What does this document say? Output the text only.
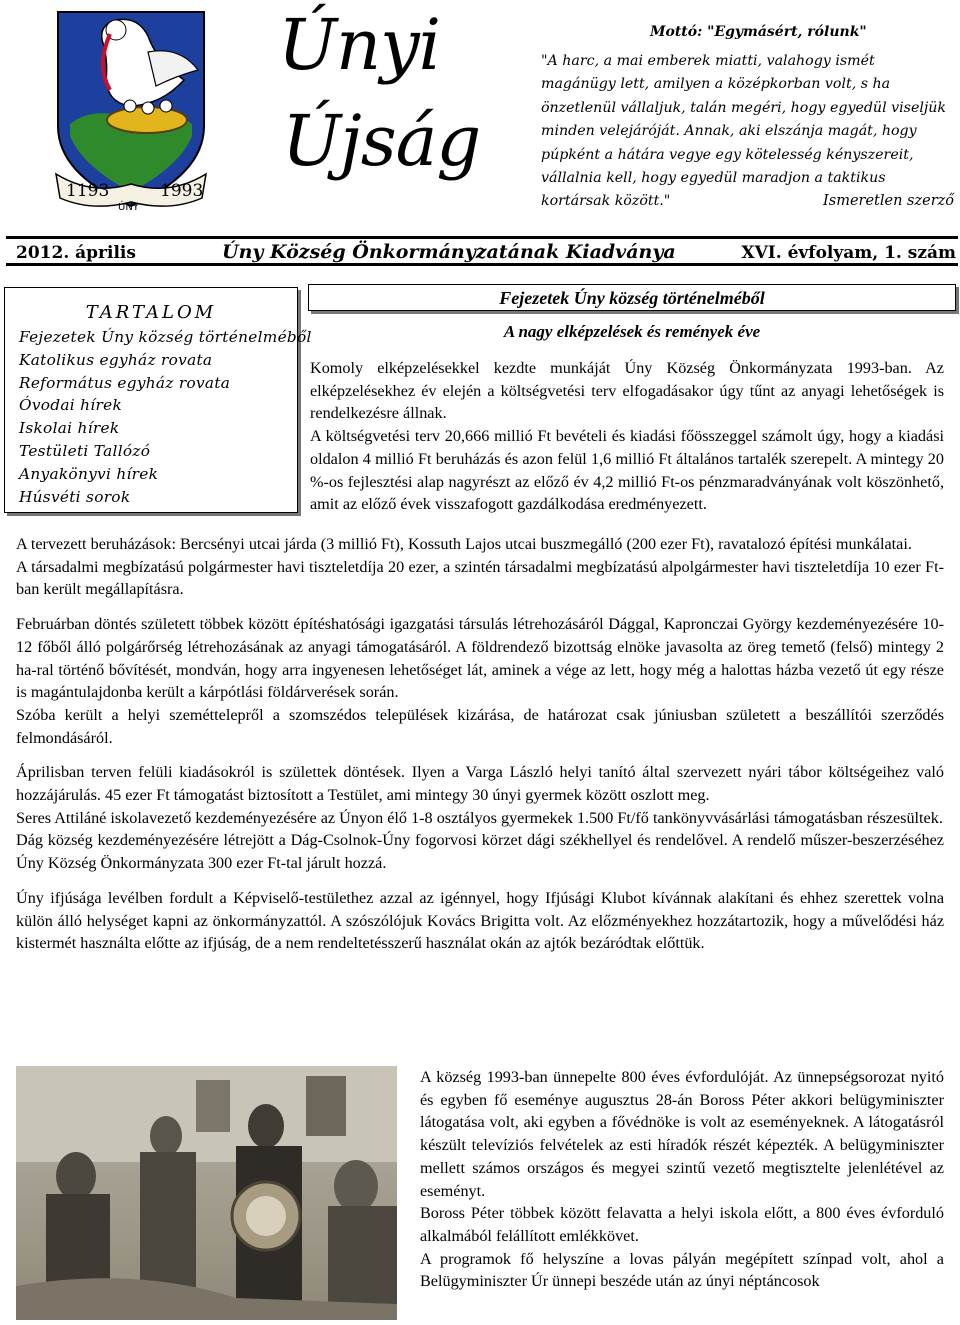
1193	1993
ÚNY
Únyi
Újság
Mottó: "Egymásért, rólunk"
"A harc, a mai emberek miatti, valahogy ismét magánügy lett, amilyen a középkorban volt, s ha önzetlenül vállaljuk, talán megéri, hogy egyedül viseljük minden velejáróját. Annak, aki elszánja magát, hogy púpként a hátára vegye egy kötelesség kényszereit, vállalnia kell, hogy egyedül maradjon a taktikus kortársak között."	Ismeretlen szerző
2012. április	Úny Község Önkormányzatának Kiadványa	XVI. évfolyam, 1. szám
TARTALOM
Fejezetek Úny község történelméből
Katolikus egyház rovata
Református egyház rovata
Óvodai hírek
Iskolai hírek
Testületi Tallózó
Anyakönyvi hírek
Húsvéti sorok
Fejezetek Úny község történelméből
A nagy elképzelések és remények éve

Komoly elképzelésekkel kezdte munkáját Úny Község Önkormányzata 1993-ban. Az elképzelésekhez év elején a költségvetési terv elfogadásakor úgy tűnt az anyagi lehetőségek is rendelkezésre állnak.

A költségvetési terv 20,666 millió Ft bevételi és kiadási főösszeggel számolt úgy, hogy a kiadási oldalon 4 millió Ft beruházás és azon felül 1,6 millió Ft általános tartalék szerepelt. A mintegy 20 %-os fejlesztési alap nagyrészt az előző év 4,2 millió Ft-os pénzmaradványának volt köszönhető, amit az előző évek visszafogott gazdálkodása eredményezett.

A tervezett beruházások: Bercsényi utcai járda (3 millió Ft), Kossuth Lajos utcai buszmegálló (200 ezer Ft), ravatalozó építési munkálatai.

A társadalmi megbízatású polgármester havi tiszteletdíja 20 ezer, a szintén társadalmi megbízatású alpolgármester havi tiszteletdíja 10 ezer Ft-ban került megállapításra.

Februárban döntés született többek között építéshatósági igazgatási társulás létrehozásáról Dággal, Kapronczai György kezdeményezésére 10-12 főből álló polgárőrség létrehozásának az anyagi támogatásáról. A földrendező bizottság elnöke javasolta az öreg temető (felső) mintegy 2 ha-ral történő bővítését, mondván, hogy arra ingyenesen lehetőséget lát, aminek a vége az lett, hogy még a halottas házba vezető út egy része is magántulajdonba került a kárpótlási földárverések során.

Szóba került a helyi szeméttelepről a szomszédos települések kizárása, de határozat csak júniusban született a beszállítói szerződés felmondásáról.

Áprilisban terven felüli kiadásokról is születtek döntések. Ilyen a Varga László helyi tanító által szervezett nyári tábor költségeihez való hozzájárulás. 45 ezer Ft támogatást biztosított a Testület, ami mintegy 30 únyi gyermek között oszlott meg.

Seres Attiláné iskolavezető kezdeményezésére az Únyon élő 1-8 osztályos gyermekek 1.500 Ft/fő tankönyvvásárlási támogatásban részesültek.

Dág község kezdeményezésére létrejött a Dág-Csolnok-Úny fogorvosi körzet dági székhellyel és rendelővel. A rendelő műszer-beszerzéséhez Úny Község Önkormányzata 300 ezer Ft-tal járult hozzá.

Úny ifjúsága levélben fordult a Képviselő-testülethez azzal az igénnyel, hogy Ifjúsági Klubot kívánnak alakítani és ehhez szerettek volna külön álló helységet kapni az önkormányzattól. A szószólójuk Kovács Brigitta volt. Az előzményekhez hozzátartozik, hogy a művelődési ház kistermét használta előtte az ifjúság, de a nem rendeltetésszerű használat okán az ajtók bezáródtak előttük.

A község 1993-ban ünnepelte 800 éves évfordulóját. Az ünnepségsorozat nyitó és egyben fő eseménye augusztus 28-án Boross Péter akkori belügyminiszter látogatása volt, aki egyben a fővédnöke is volt az eseményeknek. A látogatásról készült televíziós felvételek az esti híradók részét képezték. A belügyminiszter mellett számos országos és megyei szintű vezető megtisztelte jelenlétével az eseményt.

Boross Péter többek között felavatta a helyi iskola előtt, a 800 éves évforduló alkalmából felállított emlékkövet.

A programok fő helyszíne a lovas pályán megépített színpad volt, ahol a Belügyminiszter Úr ünnepi beszéde után az únyi néptáncosok
